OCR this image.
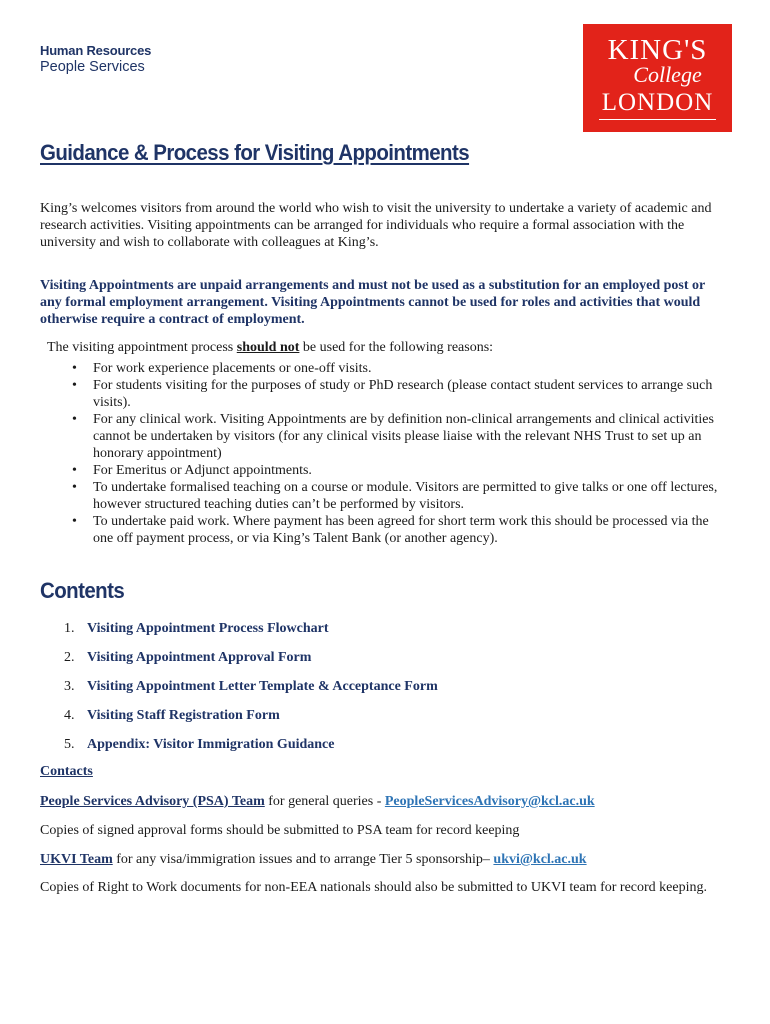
Human Resources
People Services
KING'S
College
LONDON
Guidance & Process for Visiting Appointments

King’s welcomes visitors from around the world who wish to visit the university to undertake a variety of academic and research activities. Visiting appointments can be arranged for individuals who require a formal association with the university and wish to collaborate with colleagues at King’s.

Visiting Appointments are unpaid arrangements and must not be used as a substitution for an employed post or any formal employment arrangement. Visiting Appointments cannot be used for roles and activities that would otherwise require a contract of employment.

The visiting appointment process should not be used for the following reasons:

• For work experience placements or one-off visits.
• For students visiting for the purposes of study or PhD research (please contact student services to arrange such visits).
• For any clinical work. Visiting Appointments are by definition non-clinical arrangements and clinical activities cannot be undertaken by visitors (for any clinical visits please liaise with the relevant NHS Trust to set up an honorary appointment)
• For Emeritus or Adjunct appointments.
• To undertake formalised teaching on a course or module. Visitors are permitted to give talks or one off lectures, however structured teaching duties can’t be performed by visitors.
• To undertake paid work. Where payment has been agreed for short term work this should be processed via the one off payment process, or via King’s Talent Bank (or another agency).
Contents
1. Visiting Appointment Process Flowchart
2. Visiting Appointment Approval Form
3. Visiting Appointment Letter Template & Acceptance Form
4. Visiting Staff Registration Form
5. Appendix: Visitor Immigration Guidance

Contacts

People Services Advisory (PSA) Team for general queries - PeopleServicesAdvisory@kcl.ac.uk

Copies of signed approval forms should be submitted to PSA team for record keeping

UKVI Team for any visa/immigration issues and to arrange Tier 5 sponsorship– ukvi@kcl.ac.uk

Copies of Right to Work documents for non-EEA nationals should also be submitted to UKVI team for record keeping.
